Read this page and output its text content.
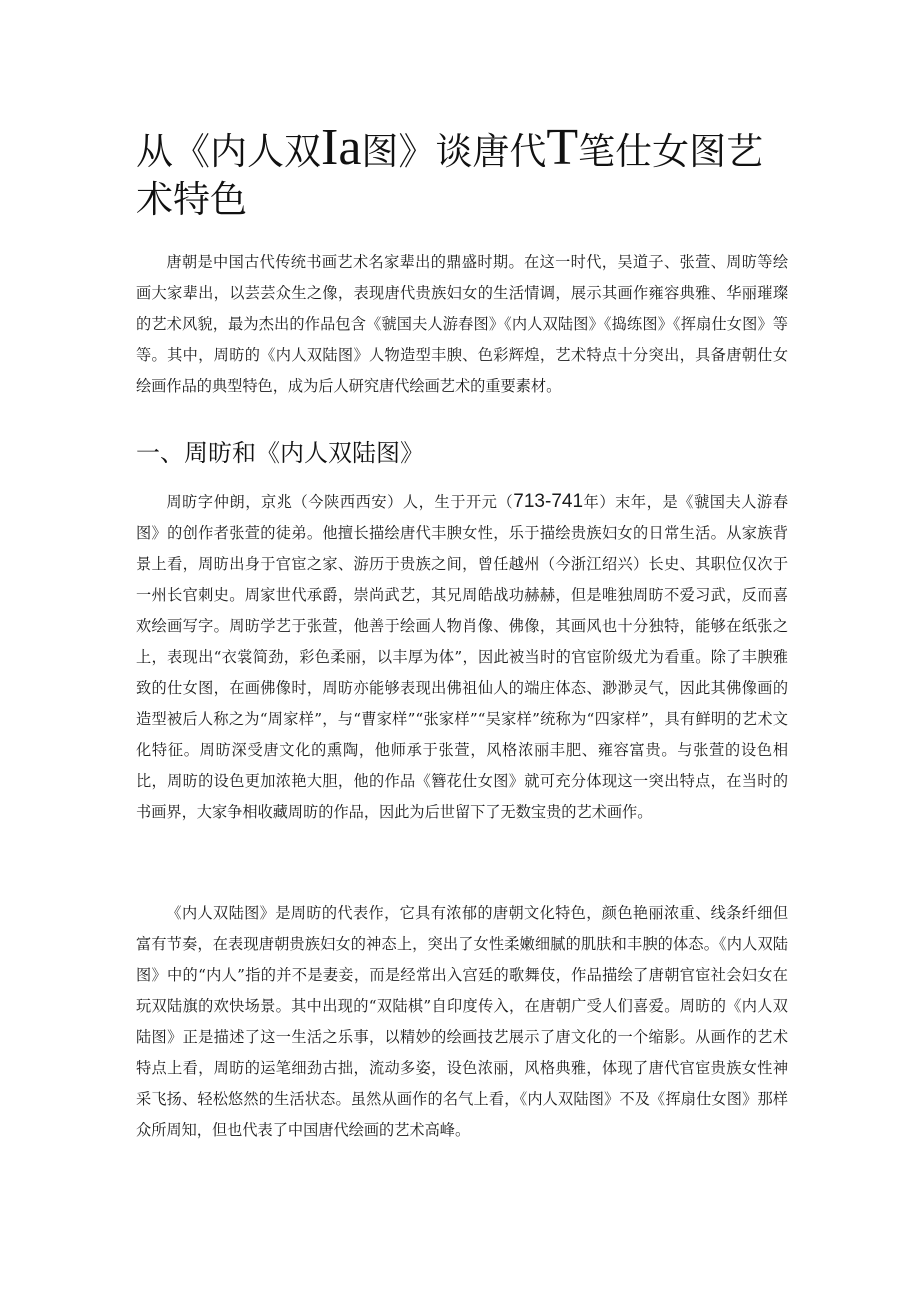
从《内人双Ia图》谈唐代T笔仕女图艺术特色

唐朝是中国古代传统书画艺术名家辈出的鼎盛时期。在这一时代，吴道子、张萱、周昉等绘画大家辈出，以芸芸众生之像，表现唐代贵族妇女的生活情调，展示其画作雍容典雅、华丽璀璨的艺术风貌，最为杰出的作品包含《虢国夫人游春图》《内人双陆图》《捣练图》《挥扇仕女图》等等。其中，周昉的《内人双陆图》人物造型丰腴、色彩辉煌，艺术特点十分突出，具备唐朝仕女绘画作品的典型特色，成为后人研究唐代绘画艺术的重要素材。

一、周昉和《内人双陆图》

周昉字仲朗，京兆（今陕西西安）人，生于开元（713-741年）末年，是《虢国夫人游春图》的创作者张萱的徒弟。他擅长描绘唐代丰腴女性，乐于描绘贵族妇女的日常生活。从家族背景上看，周昉出身于官宦之家、游历于贵族之间，曾任越州（今浙江绍兴）长史、其职位仅次于一州长官刺史。周家世代承爵，崇尚武艺，其兄周皓战功赫赫，但是唯独周昉不爱习武，反而喜欢绘画写字。周昉学艺于张萱，他善于绘画人物肖像、佛像，其画风也十分独特，能够在纸张之上，表现出“衣裳简劲，彩色柔丽，以丰厚为体”，因此被当时的官宦阶级尤为看重。除了丰腴雅致的仕女图，在画佛像时，周昉亦能够表现出佛祖仙人的端庄体态、渺渺灵气，因此其佛像画的造型被后人称之为“周家样”，与“曹家样”“张家样”“吴家样”统称为“四家样”，具有鲜明的艺术文化特征。周昉深受唐文化的熏陶，他师承于张萱，风格浓丽丰肥、雍容富贵。与张萱的设色相比，周昉的设色更加浓艳大胆，他的作品《簪花仕女图》就可充分体现这一突出特点，在当时的书画界，大家争相收藏周昉的作品，因此为后世留下了无数宝贵的艺术画作。

《内人双陆图》是周昉的代表作，它具有浓郁的唐朝文化特色，颜色艳丽浓重、线条纤细但富有节奏，在表现唐朝贵族妇女的神态上，突出了女性柔嫩细腻的肌肤和丰腴的体态。《内人双陆图》中的“内人”指的并不是妻妾，而是经常出入宫廷的歌舞伎，作品描绘了唐朝官宦社会妇女在玩双陆旗的欢快场景。其中出现的“双陆棋”自印度传入，在唐朝广受人们喜爱。周昉的《内人双陆图》正是描述了这一生活之乐事，以精妙的绘画技艺展示了唐文化的一个缩影。从画作的艺术特点上看，周昉的运笔细劲古拙，流动多姿，设色浓丽，风格典雅，体现了唐代官宦贵族女性神采飞扬、轻松悠然的生活状态。虽然从画作的名气上看，《内人双陆图》不及《挥扇仕女图》那样众所周知，但也代表了中国唐代绘画的艺术高峰。
